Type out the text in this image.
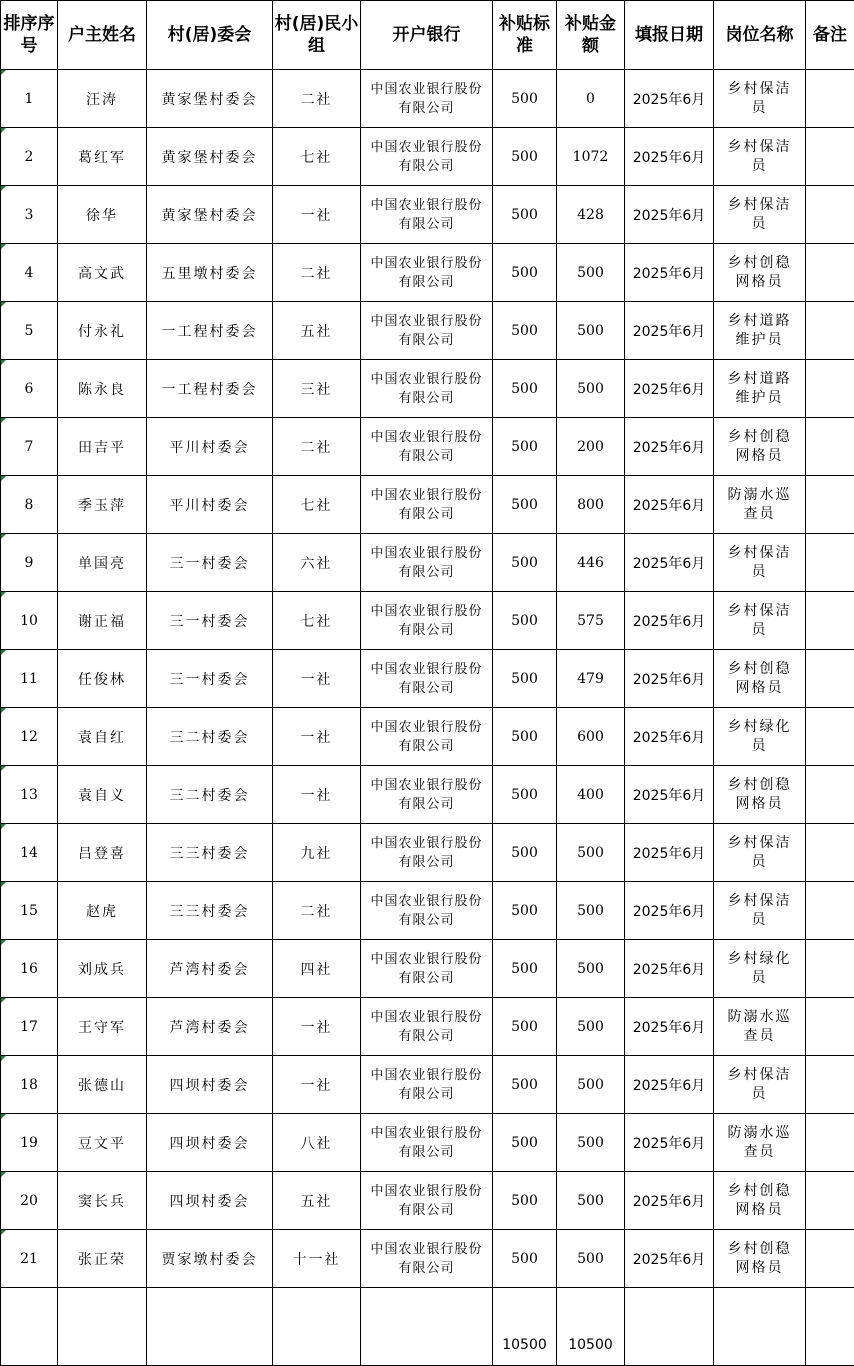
排序序号	户主姓名	村(居)委会	村(居)民小组	开户银行	补贴标准	补贴金额	填报日期	岗位名称	备注
1	汪涛	黄家堡村委会	二社	中国农业银行股份有限公司	500	0	2025年6月	乡村保洁员	
2	葛红军	黄家堡村委会	七社	中国农业银行股份有限公司	500	1072	2025年6月	乡村保洁员	
3	徐华	黄家堡村委会	一社	中国农业银行股份有限公司	500	428	2025年6月	乡村保洁员	
4	高文武	五里墩村委会	二社	中国农业银行股份有限公司	500	500	2025年6月	乡村创稳网格员	
5	付永礼	一工程村委会	五社	中国农业银行股份有限公司	500	500	2025年6月	乡村道路维护员	
6	陈永良	一工程村委会	三社	中国农业银行股份有限公司	500	500	2025年6月	乡村道路维护员	
7	田吉平	平川村委会	二社	中国农业银行股份有限公司	500	200	2025年6月	乡村创稳网格员	
8	季玉萍	平川村委会	七社	中国农业银行股份有限公司	500	800	2025年6月	防溺水巡查员	
9	单国亮	三一村委会	六社	中国农业银行股份有限公司	500	446	2025年6月	乡村保洁员	
10	谢正福	三一村委会	七社	中国农业银行股份有限公司	500	575	2025年6月	乡村保洁员	
11	任俊林	三一村委会	一社	中国农业银行股份有限公司	500	479	2025年6月	乡村创稳网格员	
12	袁自红	三二村委会	一社	中国农业银行股份有限公司	500	600	2025年6月	乡村绿化员	
13	袁自义	三二村委会	一社	中国农业银行股份有限公司	500	400	2025年6月	乡村创稳网格员	
14	吕登喜	三三村委会	九社	中国农业银行股份有限公司	500	500	2025年6月	乡村保洁员	
15	赵虎	三三村委会	二社	中国农业银行股份有限公司	500	500	2025年6月	乡村保洁员	
16	刘成兵	芦湾村委会	四社	中国农业银行股份有限公司	500	500	2025年6月	乡村绿化员	
17	王守军	芦湾村委会	一社	中国农业银行股份有限公司	500	500	2025年6月	防溺水巡查员	
18	张德山	四坝村委会	一社	中国农业银行股份有限公司	500	500	2025年6月	乡村保洁员	
19	豆文平	四坝村委会	八社	中国农业银行股份有限公司	500	500	2025年6月	防溺水巡查员	
20	窦长兵	四坝村委会	五社	中国农业银行股份有限公司	500	500	2025年6月	乡村创稳网格员	
21	张正荣	贾家墩村委会	十一社	中国农业银行股份有限公司	500	500	2025年6月	乡村创稳网格员	
					10500	10500			
